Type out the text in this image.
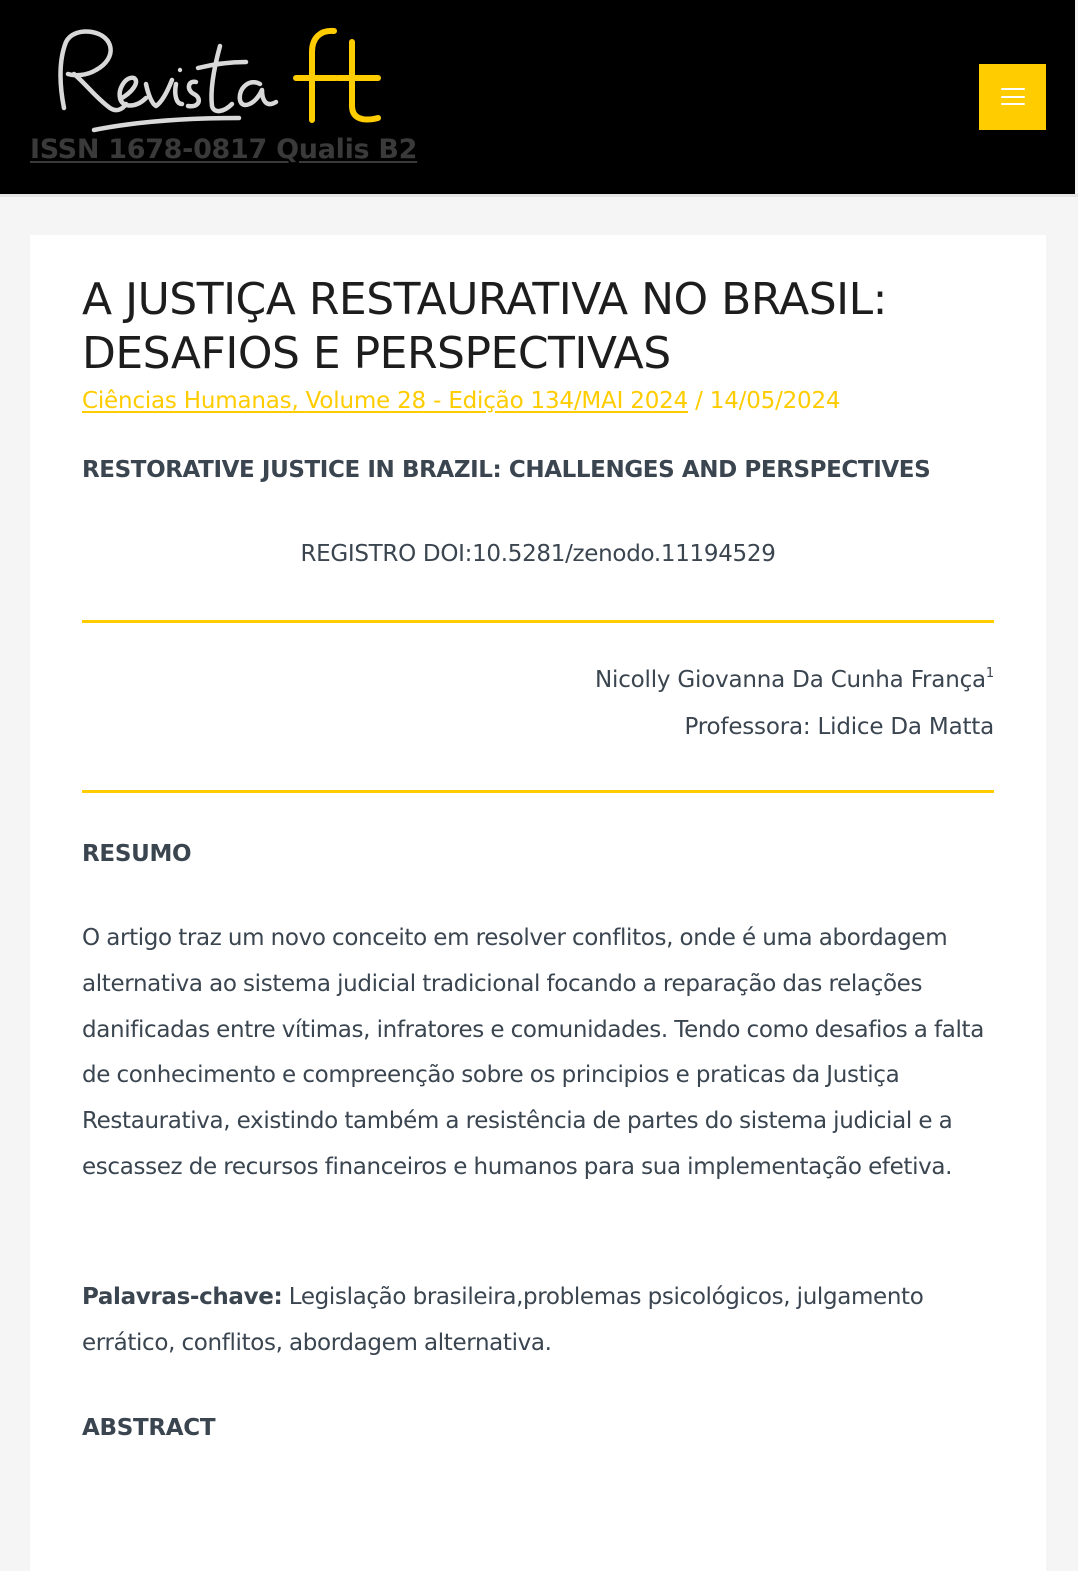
ISSN 1678-0817 Qualis B2
A JUSTIÇA RESTAURATIVA NO BRASIL: DESAFIOS E PERSPECTIVAS
Ciências Humanas, Volume 28 - Edição 134/MAI 2024 / 14/05/2024
RESTORATIVE JUSTICE IN BRAZIL: CHALLENGES AND PERSPECTIVES
REGISTRO DOI:10.5281/zenodo.11194529
Nicolly Giovanna Da Cunha França$^1$
Professora: Lidice Da Matta
RESUMO

O artigo traz um novo conceito em resolver conflitos, onde é uma abordagem alternativa ao sistema judicial tradicional focando a reparação das relações danificadas entre vítimas, infratores e comunidades. Tendo como desafios a falta de conhecimento e compreenção sobre os principios e praticas da Justiça Restaurativa, existindo também a resistência de partes do sistema judicial e a escassez de recursos financeiros e humanos para sua implementação efetiva.

Palavras-chave: Legislação brasileira,problemas psicológicos, julgamento errático, conflitos, abordagem alternativa.

ABSTRACT
